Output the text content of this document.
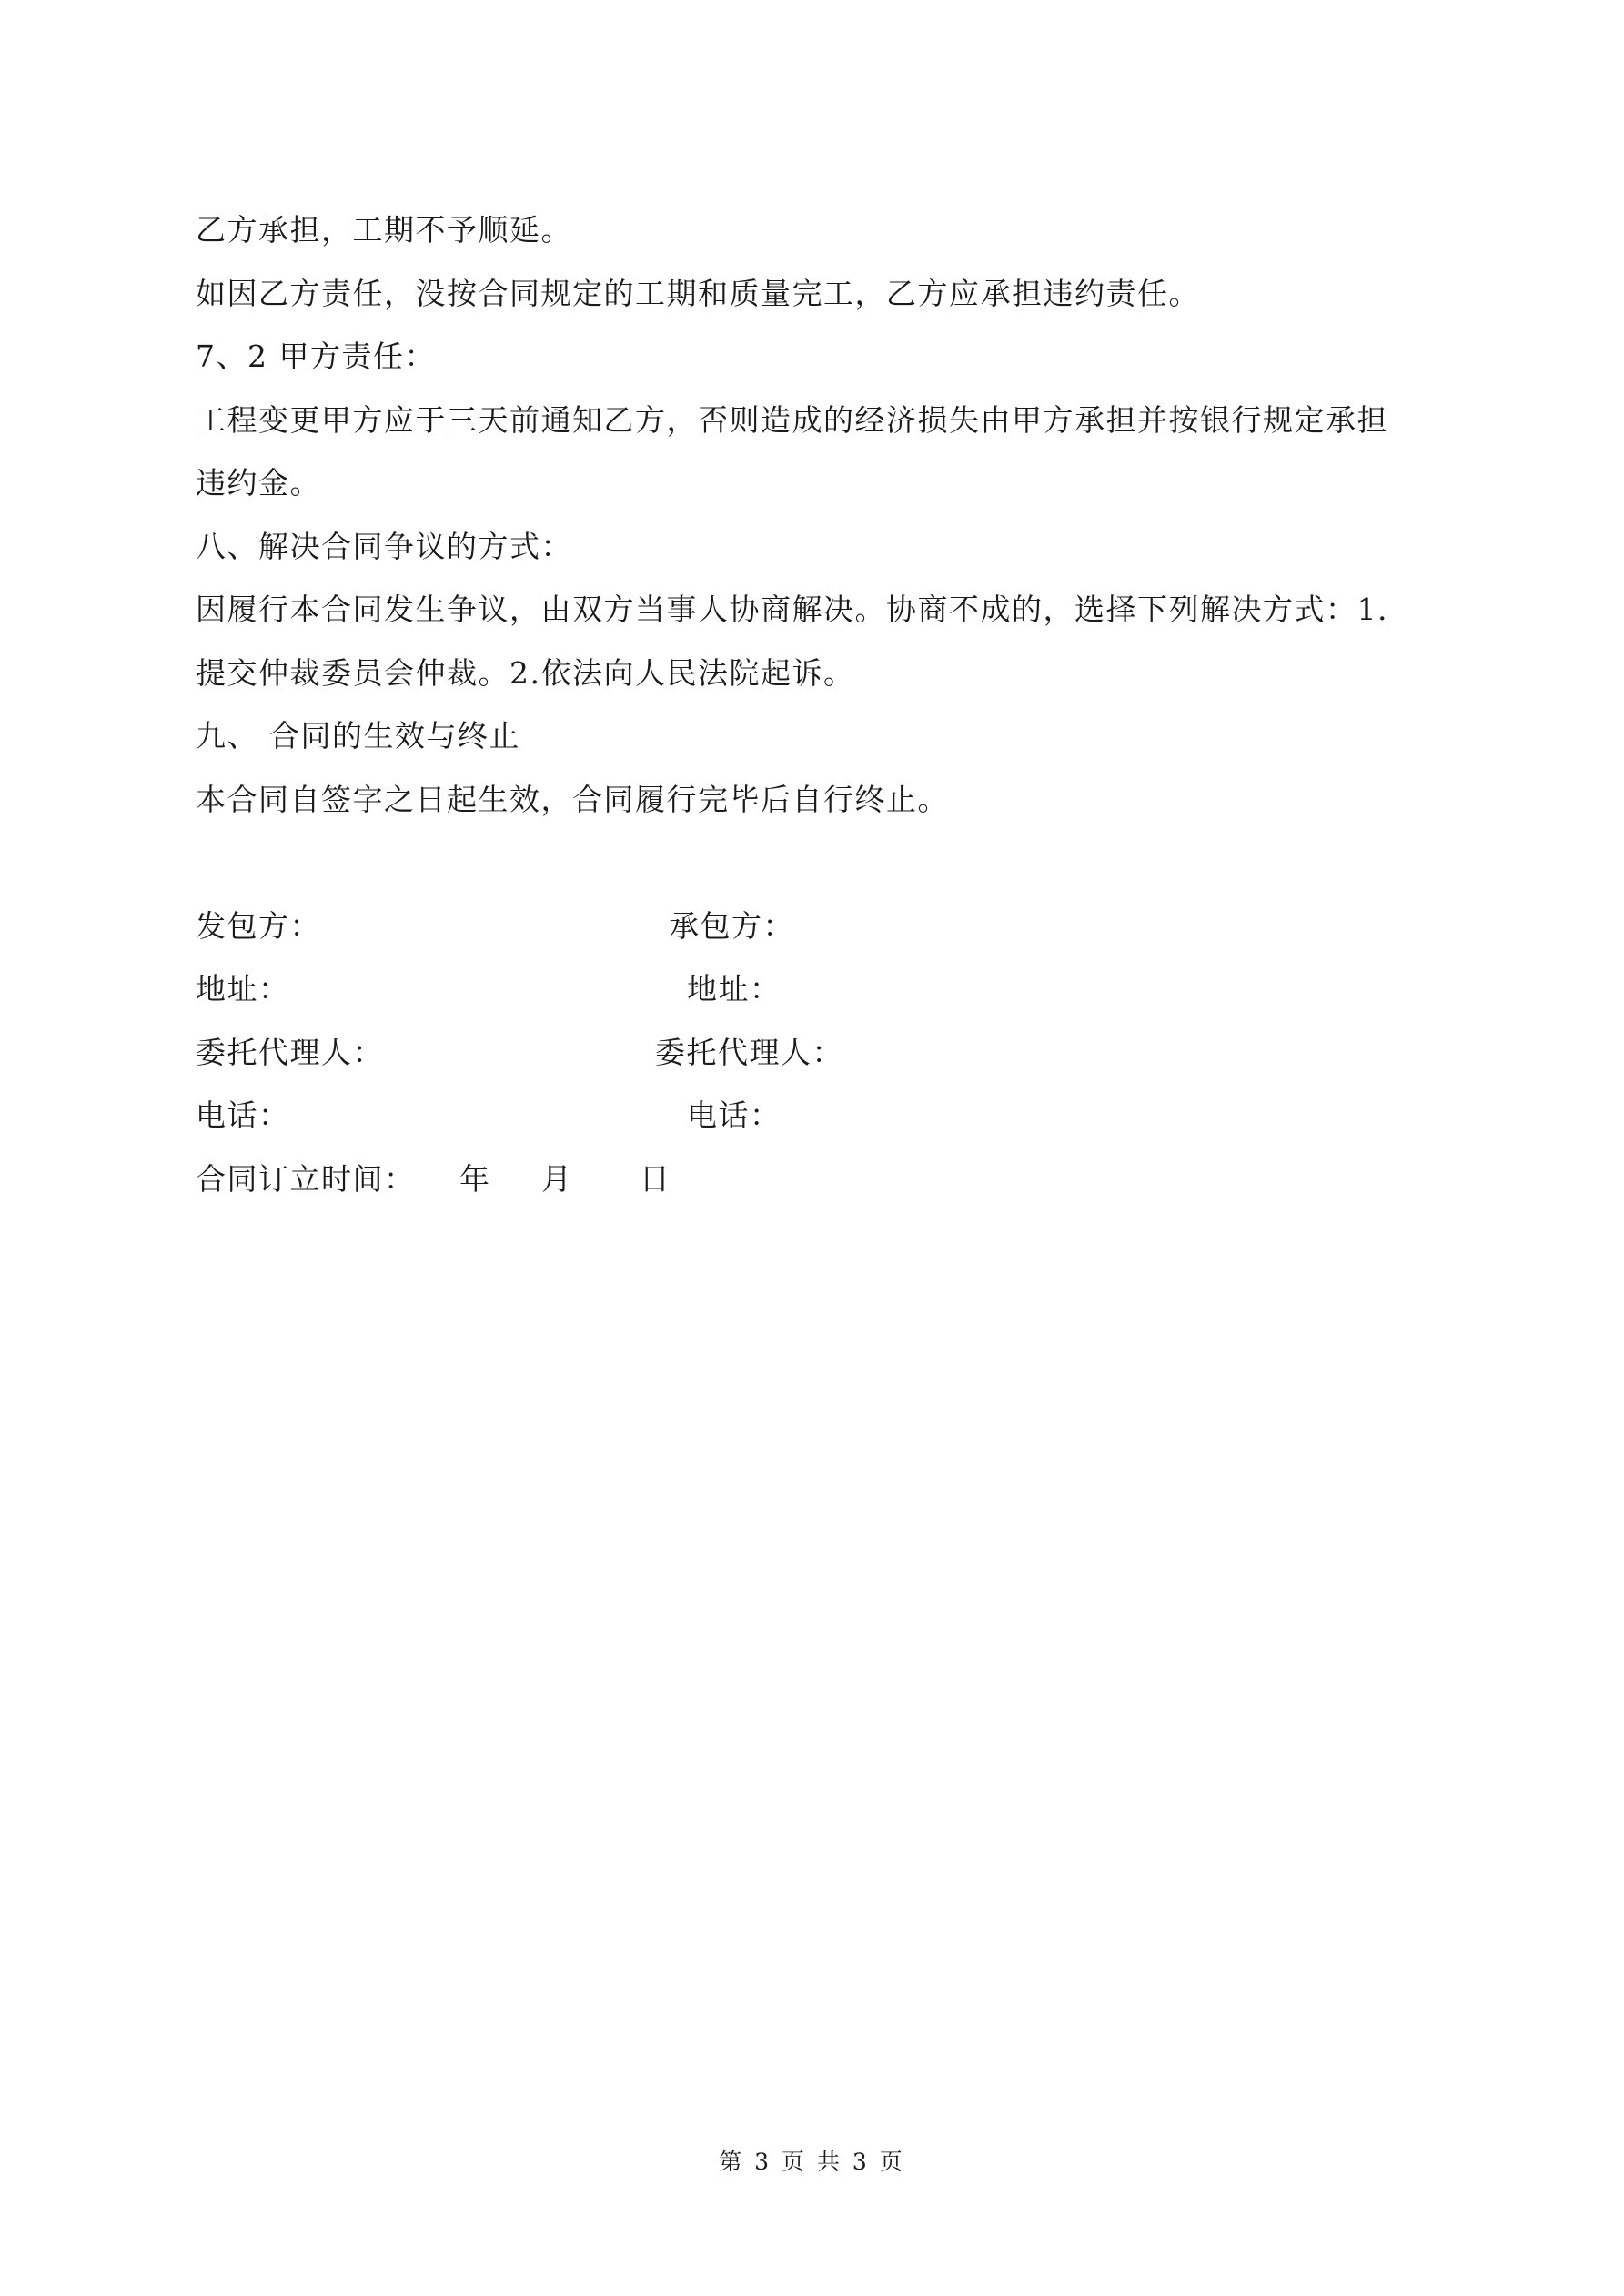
乙方承担，工期不予顺延。
如因乙方责任，没按合同规定的工期和质量完工，乙方应承担违约责任。
7、2 甲方责任：
工程变更甲方应于三天前通知乙方，否则造成的经济损失由甲方承担并按银行规定承担
违约金。
八、解决合同争议的方式：
因履行本合同发生争议，由双方当事人协商解决。协商不成的，选择下列解决方式：1.
提交仲裁委员会仲裁。2.依法向人民法院起诉。
九、 合同的生效与终止
本合同自签字之日起生效，合同履行完毕后自行终止。
发包方：	承包方：
地址：	地址：
委托代理人：	委托代理人：
电话：	电话：
合同订立时间： 年 月 日
第 3 页 共 3 页
